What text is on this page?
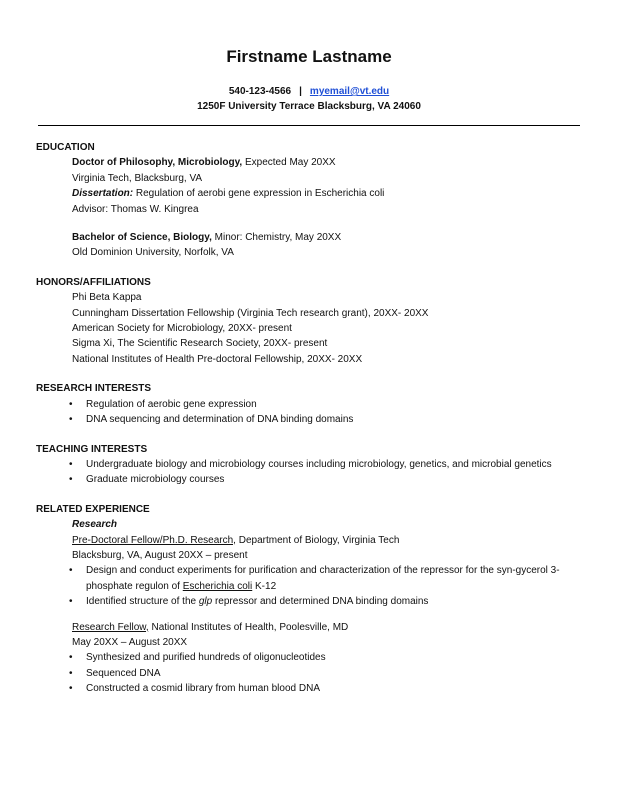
Firstname Lastname
540-123-4566 | myemail@vt.edu
1250F University Terrace Blacksburg, VA 24060
EDUCATION
Doctor of Philosophy, Microbiology, Expected May 20XX
Virginia Tech, Blacksburg, VA
Dissertation: Regulation of aerobi gene expression in Escherichia coli
Advisor: Thomas W. Kingrea
Bachelor of Science, Biology, Minor: Chemistry, May 20XX
Old Dominion University, Norfolk, VA
HONORS/AFFILIATIONS
Phi Beta Kappa
Cunningham Dissertation Fellowship (Virginia Tech research grant), 20XX- 20XX
American Society for Microbiology, 20XX- present
Sigma Xi, The Scientific Research Society, 20XX- present
National Institutes of Health Pre-doctoral Fellowship, 20XX- 20XX
RESEARCH INTERESTS
• Regulation of aerobic gene expression
• DNA sequencing and determination of DNA binding domains
TEACHING INTERESTS
• Undergraduate biology and microbiology courses including microbiology, genetics, and microbial genetics
• Graduate microbiology courses
RELATED EXPERIENCE
Research
Pre-Doctoral Fellow/Ph.D. Research, Department of Biology, Virginia Tech
Blacksburg, VA, August 20XX – present
• Design and conduct experiments for purification and characterization of the repressor for the syn-gycerol 3-phosphate regulon of Escherichia coli K-12
• Identified structure of the glp repressor and determined DNA binding domains
Research Fellow, National Institutes of Health, Poolesville, MD
May 20XX – August 20XX
• Synthesized and purified hundreds of oligonucleotides
• Sequenced DNA
• Constructed a cosmid library from human blood DNA
